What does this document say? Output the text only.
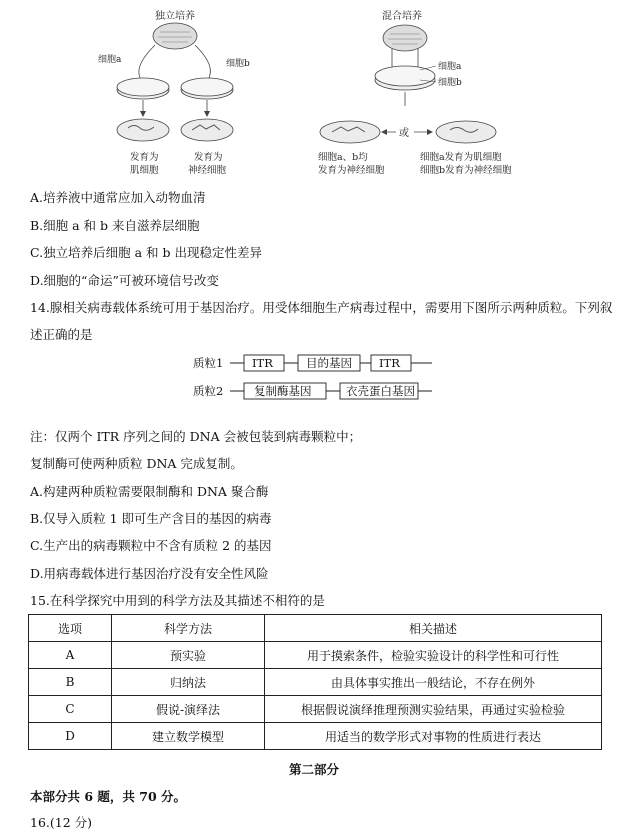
独立培养
细胞a	细胞b
发育为
肌细胞
发育为
神经细胞
混合培养
细胞a
细胞b
或
细胞a、b均
发育为神经细胞
细胞a发育为肌细胞
细胞b发育为神经细胞
A.培养液中通常应加入动物血清
B.细胞 a 和 b 来自滋养层细胞
C.独立培养后细胞 a 和 b 出现稳定性差异
D.细胞的“命运”可被环境信号改变
14.腺相关病毒载体系统可用于基因治疗。用受体细胞生产病毒过程中，需要用下图所示两种质粒。下列叙
述正确的是
质粒1 ITR	目的基因 ITR
质粒2	复制酶基因	衣壳蛋白基因
注：仅两个 ITR 序列之间的 DNA 会被包装到病毒颗粒中；
复制酶可使两种质粒 DNA 完成复制。
A.构建两种质粒需要限制酶和 DNA 聚合酶
B.仅导入质粒 1 即可生产含目的基因的病毒
C.生产出的病毒颗粒中不含有质粒 2 的基因
D.用病毒载体进行基因治疗没有安全性风险
15.在科学探究中用到的科学方法及其描述不相符的是
选项	科学方法	相关描述
A	预实验	用于摸索条件，检验实验设计的科学性和可行性
B	归纳法	由具体事实推出一般结论，不存在例外
C	假说-演绎法	根据假说演绎推理预测实验结果，再通过实验检验
D	建立数学模型	用适当的数学形式对事物的性质进行表达
第二部分
本部分共 6 题，共 70 分。
16.(12 分)
